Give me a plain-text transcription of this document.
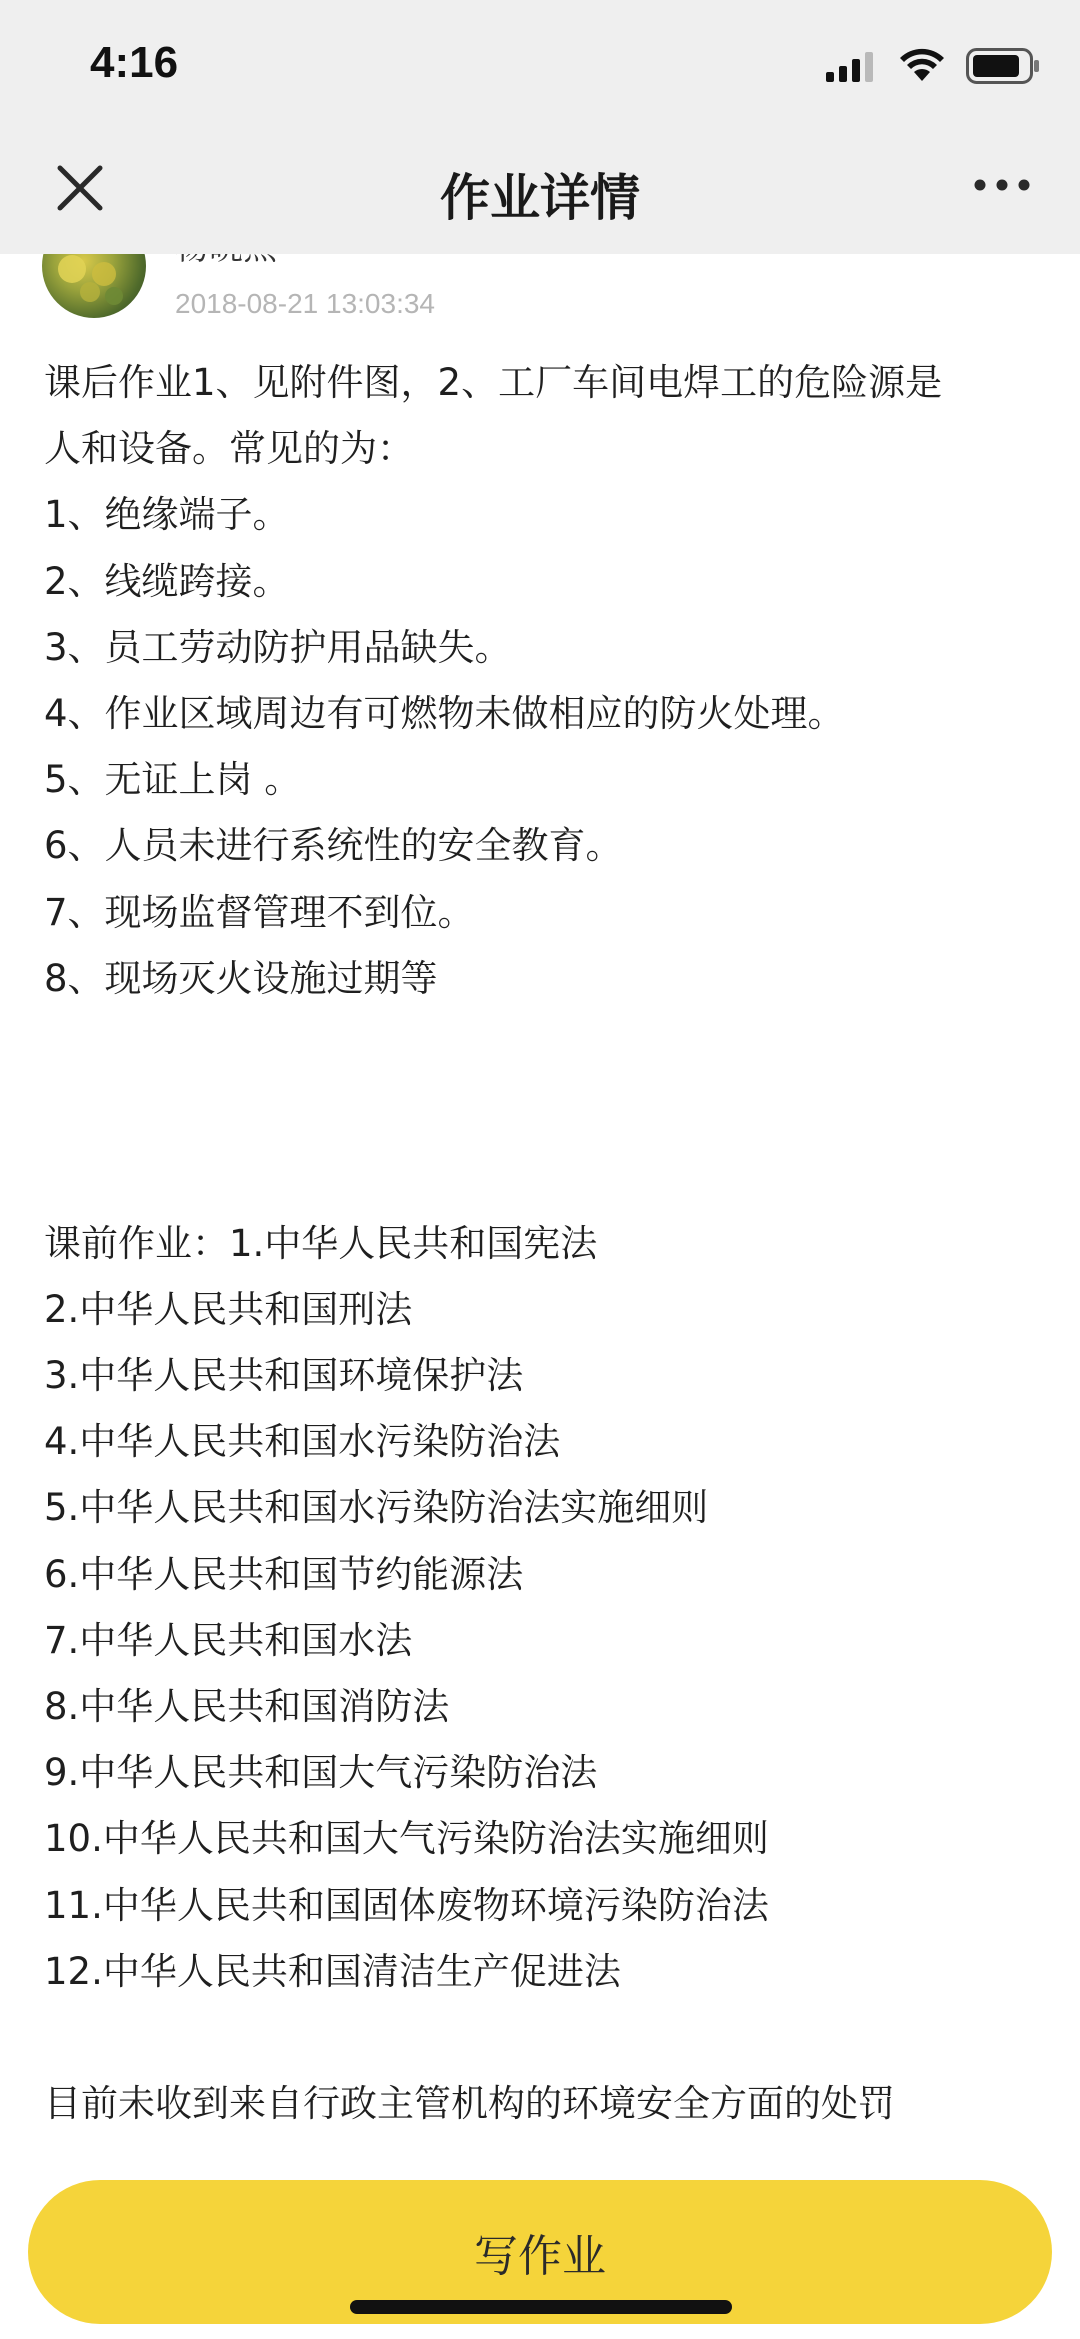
4:16
作业详情
2018-08-21 13:03:34
课后作业1、见附件图，2、工厂车间电焊工的危险源是
人和设备。常见的为：
1、绝缘端子。
2、线缆跨接。
3、员工劳动防护用品缺失。
4、作业区域周边有可燃物未做相应的防火处理。
5、无证上岗 。
6、人员未进行系统性的安全教育。
7、现场监督管理不到位。
8、现场灭火设施过期等
课前作业：1.中华人民共和国宪法
2.中华人民共和国刑法
3.中华人民共和国环境保护法
4.中华人民共和国水污染防治法
5.中华人民共和国水污染防治法实施细则
6.中华人民共和国节约能源法
7.中华人民共和国水法
8.中华人民共和国消防法
9.中华人民共和国大气污染防治法
10.中华人民共和国大气污染防治法实施细则
11.中华人民共和国固体废物环境污染防治法
12.中华人民共和国清洁生产促进法
目前未收到来自行政主管机构的环境安全方面的处罚
写作业
